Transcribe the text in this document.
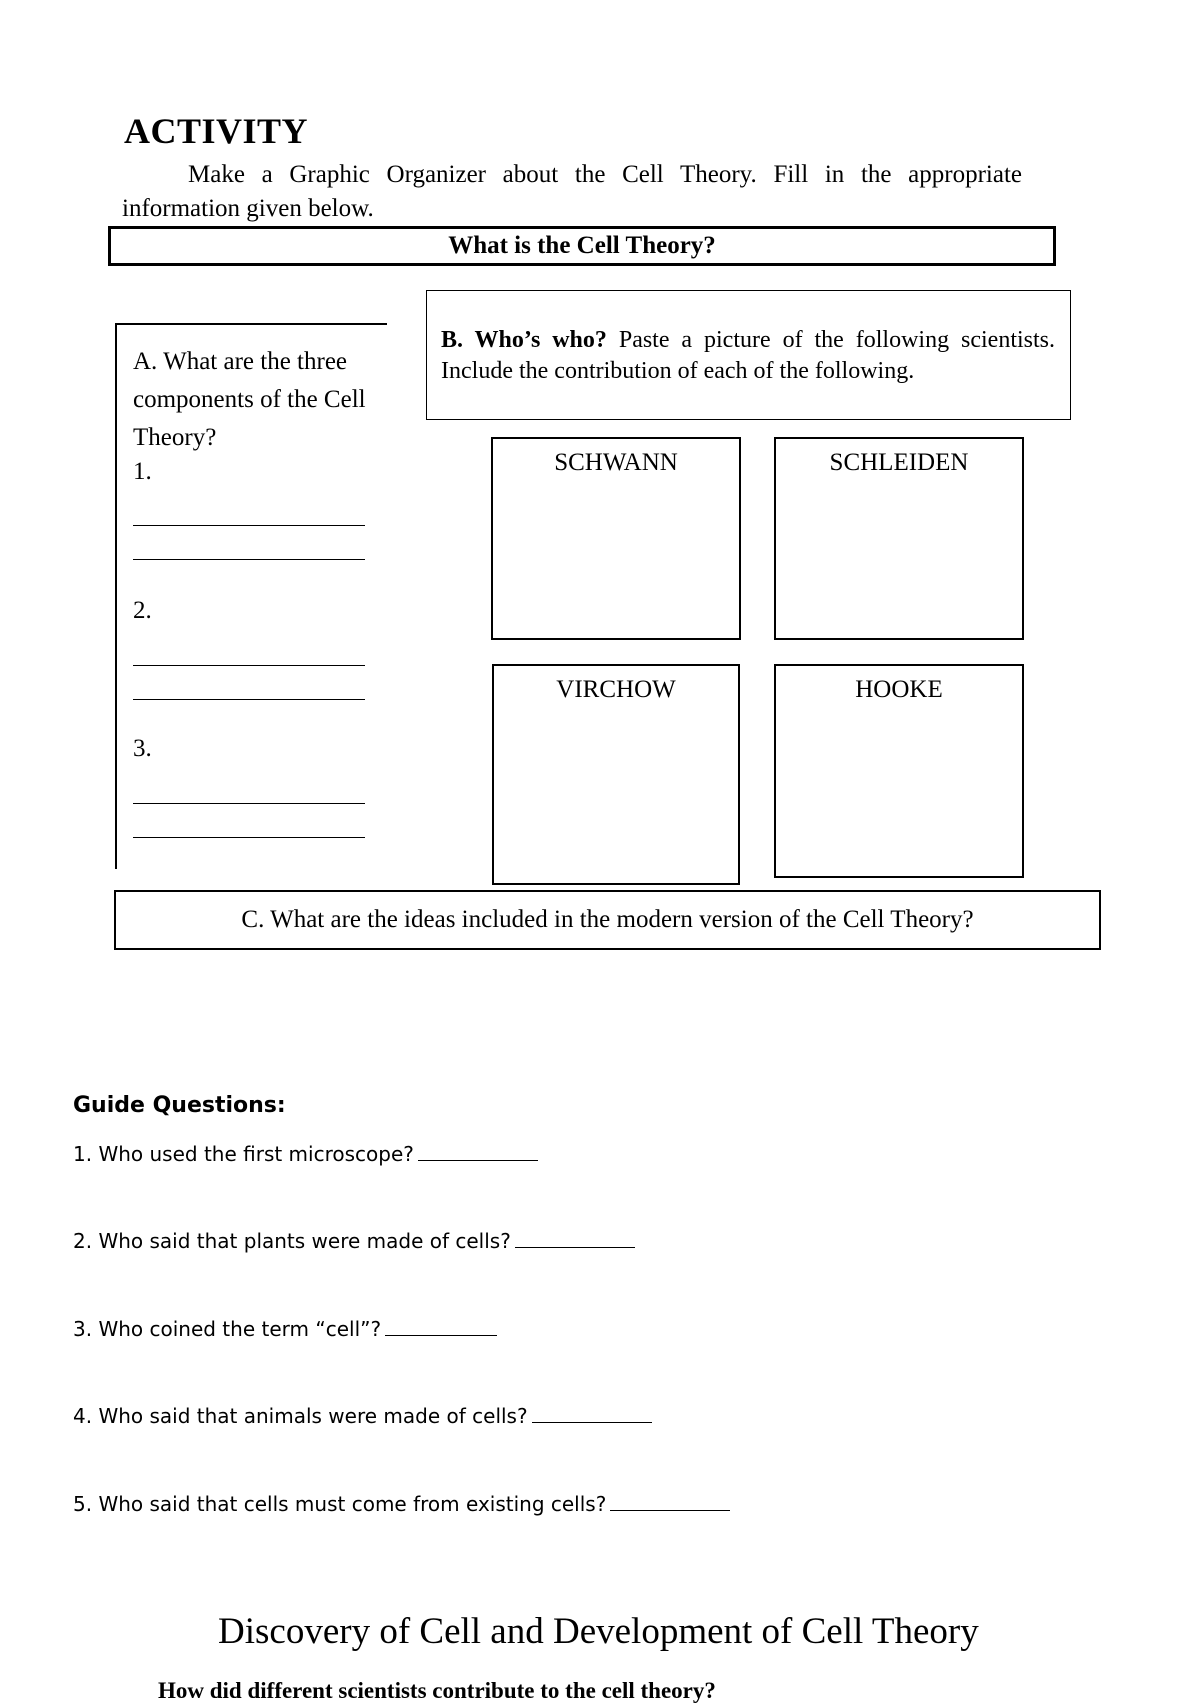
ACTIVITY
Make a Graphic Organizer about the Cell Theory. Fill in the appropriate
information given below.
What is the Cell Theory?
A. What are the three components of the Cell Theory?
1.
2.
3.
B. Who’s who? Paste a picture of the following scientists.
Include the contribution of each of the following.
SCHWANN	SCHLEIDEN
VIRCHOW	HOOKE
C. What are the ideas included in the modern version of the Cell Theory?
Guide Questions:
1. Who used the first microscope?
2. Who said that plants were made of cells?
3. Who coined the term “cell”?
4. Who said that animals were made of cells?
5. Who said that cells must come from existing cells?
Discovery of Cell and Development of Cell Theory
How did different scientists contribute to the cell theory?
